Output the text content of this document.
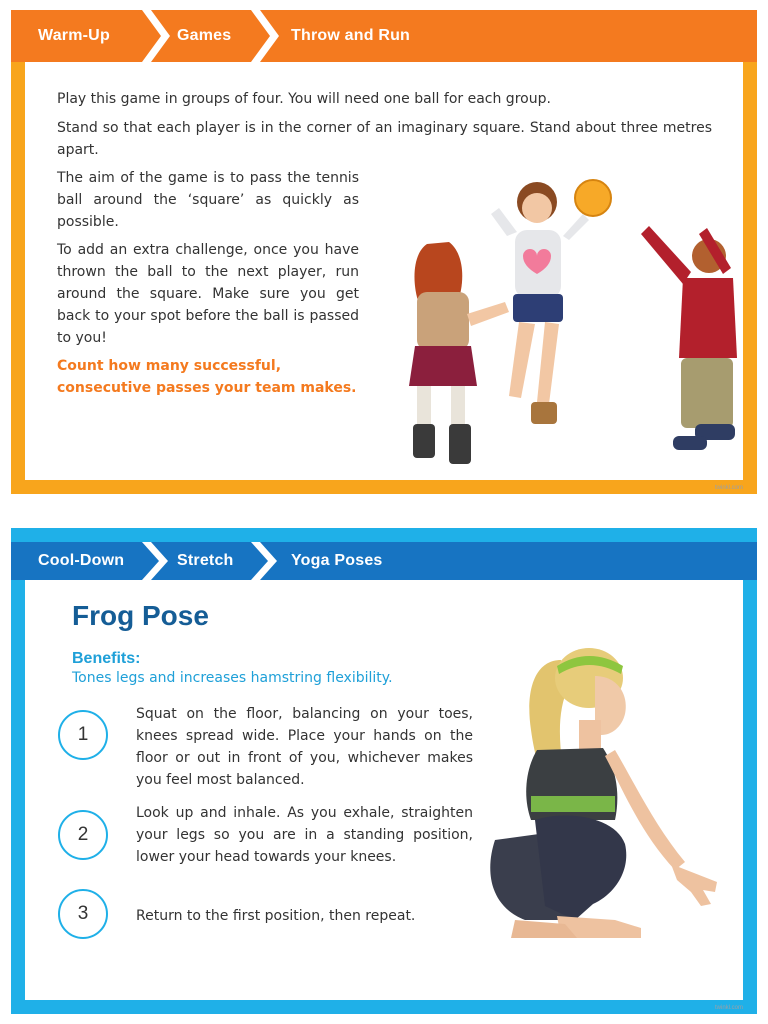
Warm-Up	Games	Throw and Run

Play this game in groups of four. You will need one ball for each group.

Stand so that each player is in the corner of an imaginary square. Stand about three metres apart.

The aim of the game is to pass the tennis ball around the ‘square’ as quickly as possible.

To add an extra challenge, once you have thrown the ball to the next player, run around the square. Make sure you get back to your spot before the ball is passed to you!

Count how many successful, consecutive passes your team makes.

twinkl.com
Cool-Down	Stretch	Yoga Poses
Frog Pose
Benefits:

Tones legs and increases hamstring flexibility.

1

Squat on the floor, balancing on your toes, knees spread wide. Place your hands on the floor or out in front of you, whichever makes you feel most balanced.

2

Look up and inhale. As you exhale, straighten your legs so you are in a standing position, lower your head towards your knees.

3	Return to the first position, then repeat.

twinkl.com
